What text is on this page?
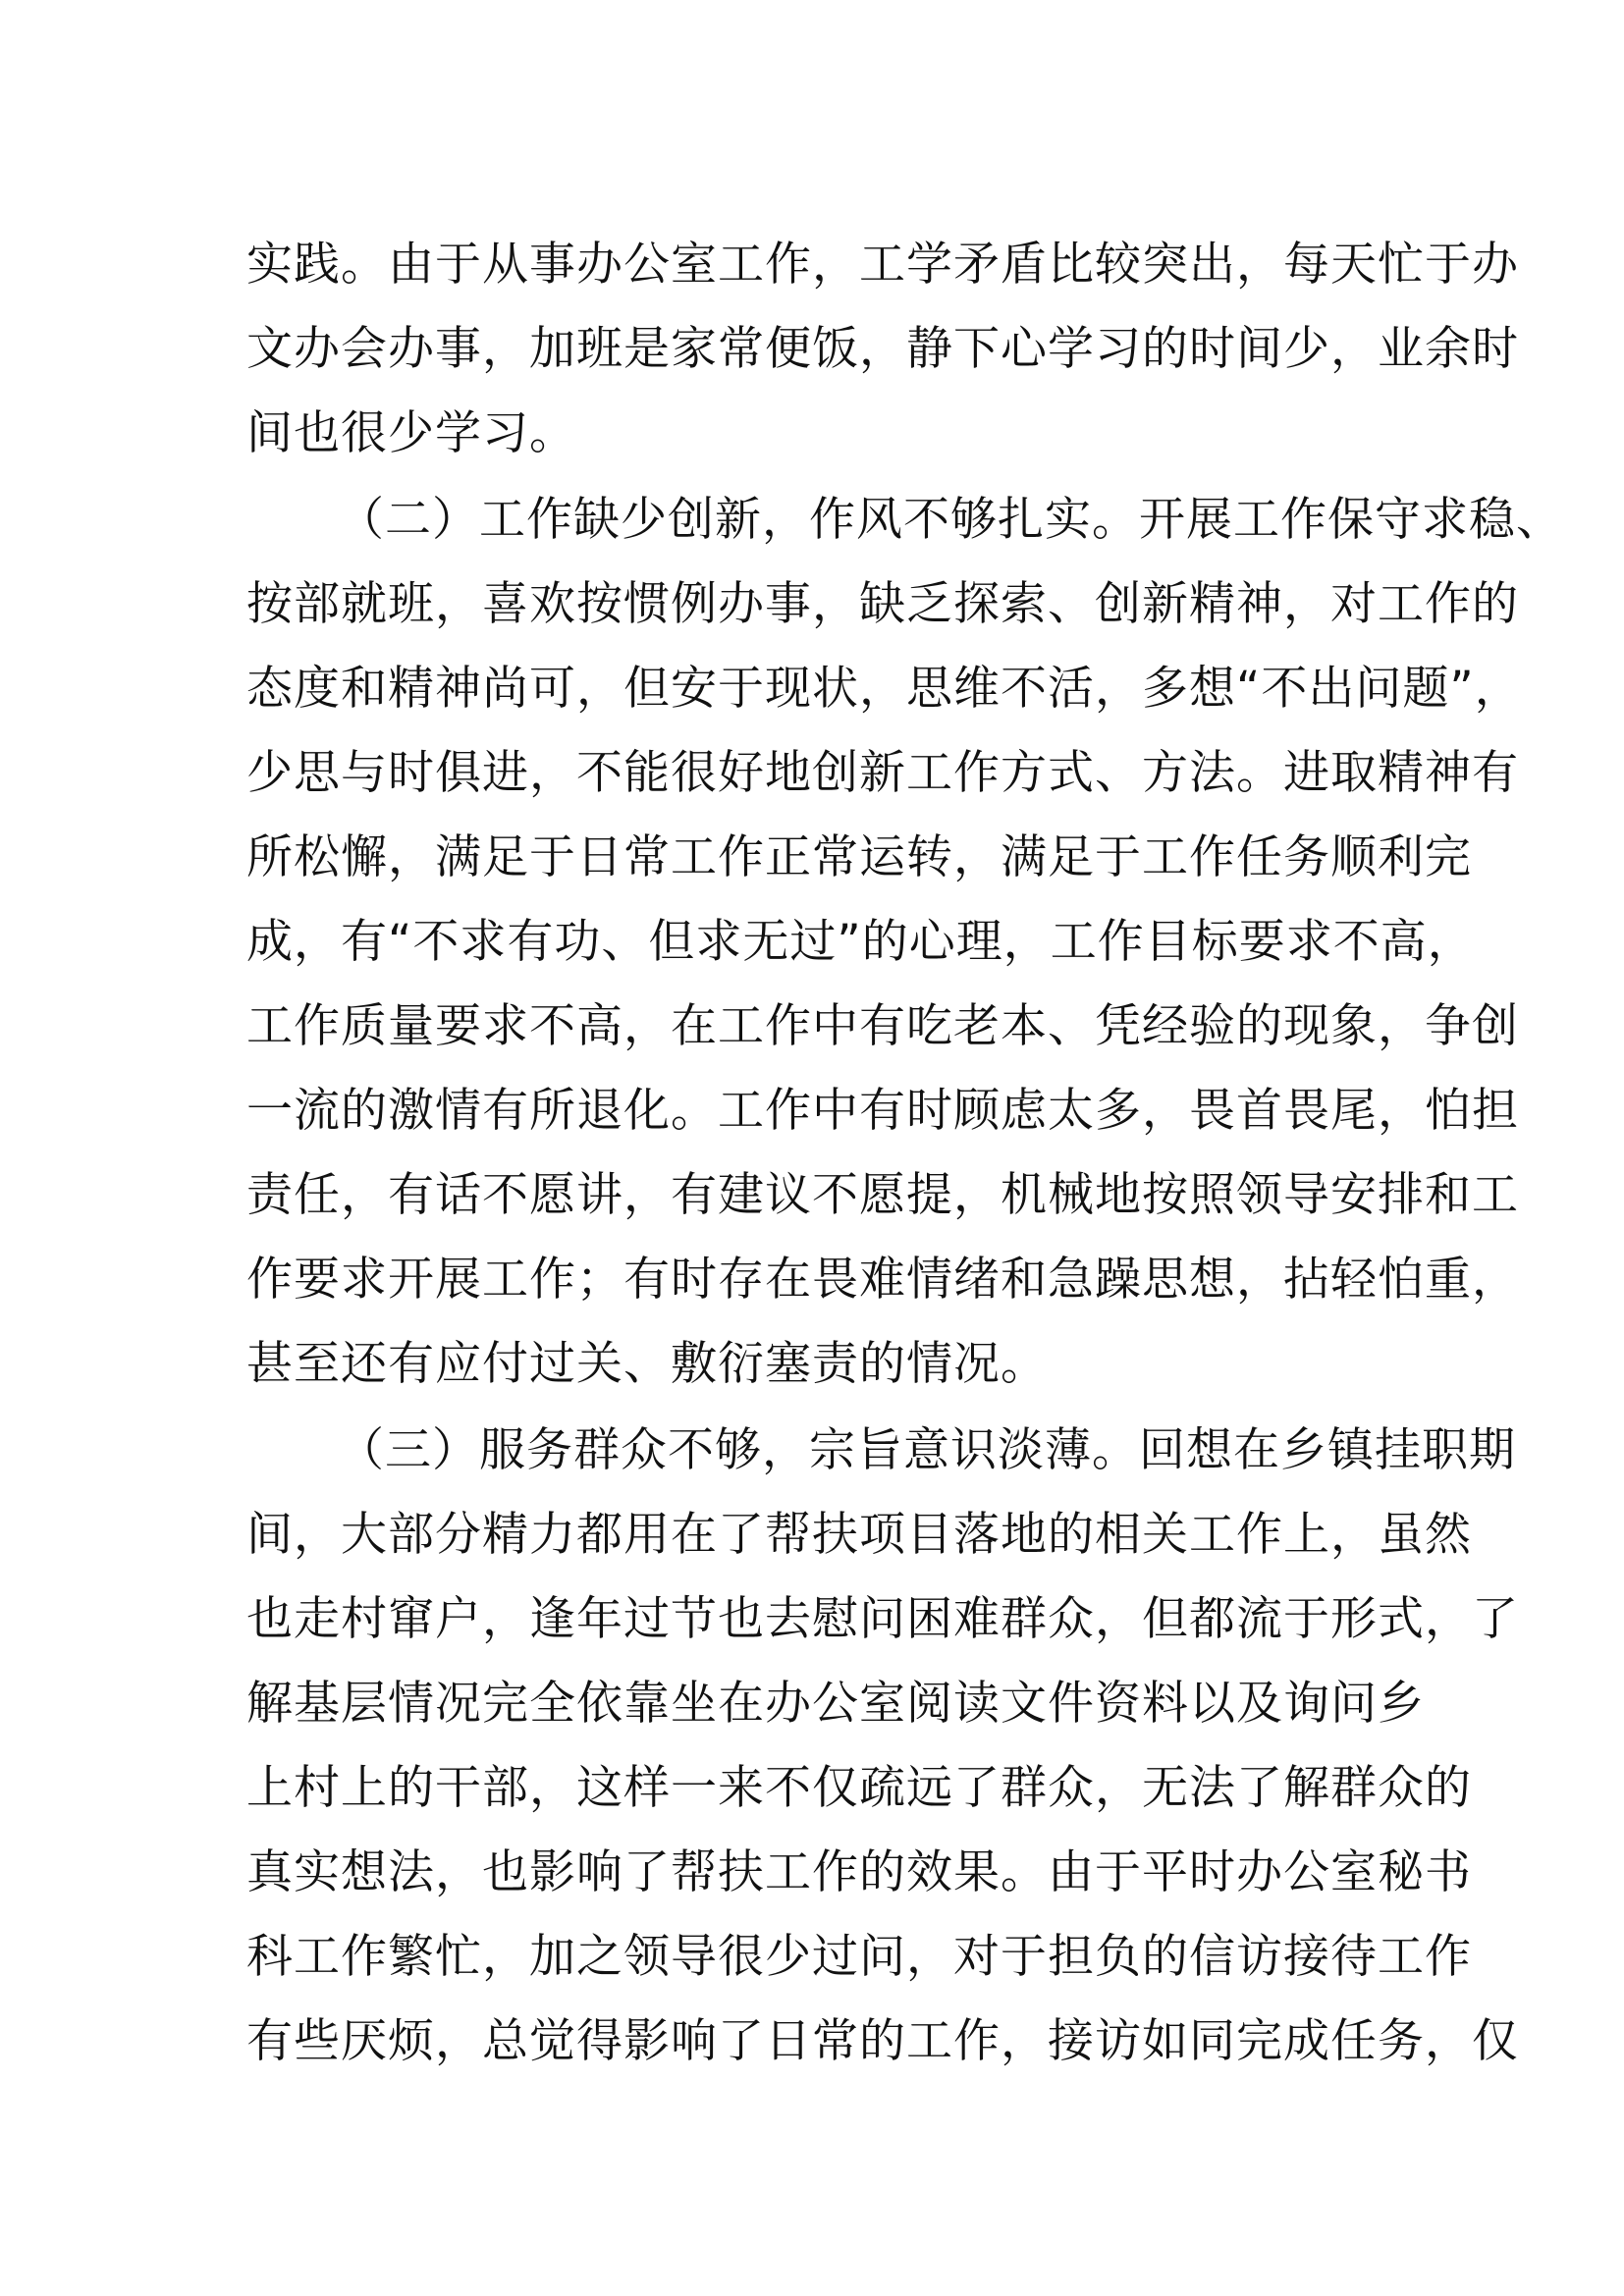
实践。由于从事办公室工作，工学矛盾比较突出，每天忙于办
文办会办事，加班是家常便饭，静下心学习的时间少，业余时
间也很少学习。
（二）工作缺少创新，作风不够扎实。开展工作保守求稳、
按部就班，喜欢按惯例办事，缺乏探索、创新精神，对工作的
态度和精神尚可，但安于现状，思维不活，多想“不出问题”，
少思与时俱进，不能很好地创新工作方式、方法。进取精神有
所松懈，满足于日常工作正常运转，满足于工作任务顺利完
成，有“不求有功、但求无过”的心理，工作目标要求不高，
工作质量要求不高，在工作中有吃老本、凭经验的现象，争创
一流的激情有所退化。工作中有时顾虑太多，畏首畏尾，怕担
责任，有话不愿讲，有建议不愿提，机械地按照领导安排和工
作要求开展工作；有时存在畏难情绪和急躁思想，拈轻怕重，
甚至还有应付过关、敷衍塞责的情况。
（三）服务群众不够，宗旨意识淡薄。回想在乡镇挂职期
间，大部分精力都用在了帮扶项目落地的相关工作上，虽然
也走村窜户，逢年过节也去慰问困难群众，但都流于形式，了
解基层情况完全依靠坐在办公室阅读文件资料以及询问乡
上村上的干部，这样一来不仅疏远了群众，无法了解群众的
真实想法，也影响了帮扶工作的效果。由于平时办公室秘书
科工作繁忙，加之领导很少过问，对于担负的信访接待工作
有些厌烦，总觉得影响了日常的工作，接访如同完成任务，仅
